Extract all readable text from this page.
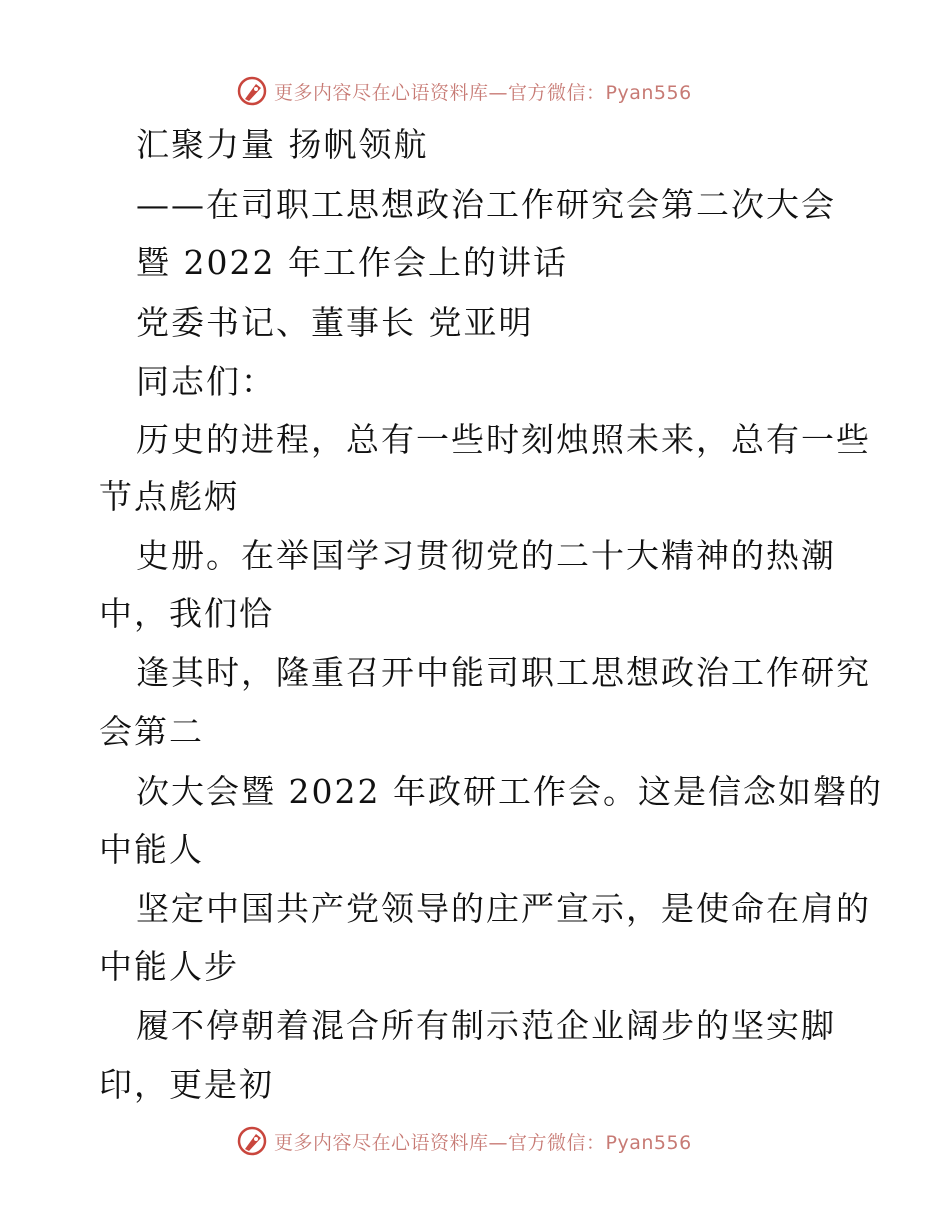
更多内容尽在心语资料库—官方微信：Pyan556

汇聚力量 扬帆领航

——在司职工思想政治工作研究会第二次大会

暨 2022 年工作会上的讲话

党委书记、董事长 党亚明

同志们：

历史的进程，总有一些时刻烛照未来，总有一些

节点彪炳

史册。在举国学习贯彻党的二十大精神的热潮

中，我们恰

逢其时，隆重召开中能司职工思想政治工作研究

会第二

次大会暨 2022 年政研工作会。这是信念如磐的

中能人

坚定中国共产党领导的庄严宣示，是使命在肩的

中能人步

履不停朝着混合所有制示范企业阔步的坚实脚

印，更是初

更多内容尽在心语资料库—官方微信：Pyan556
